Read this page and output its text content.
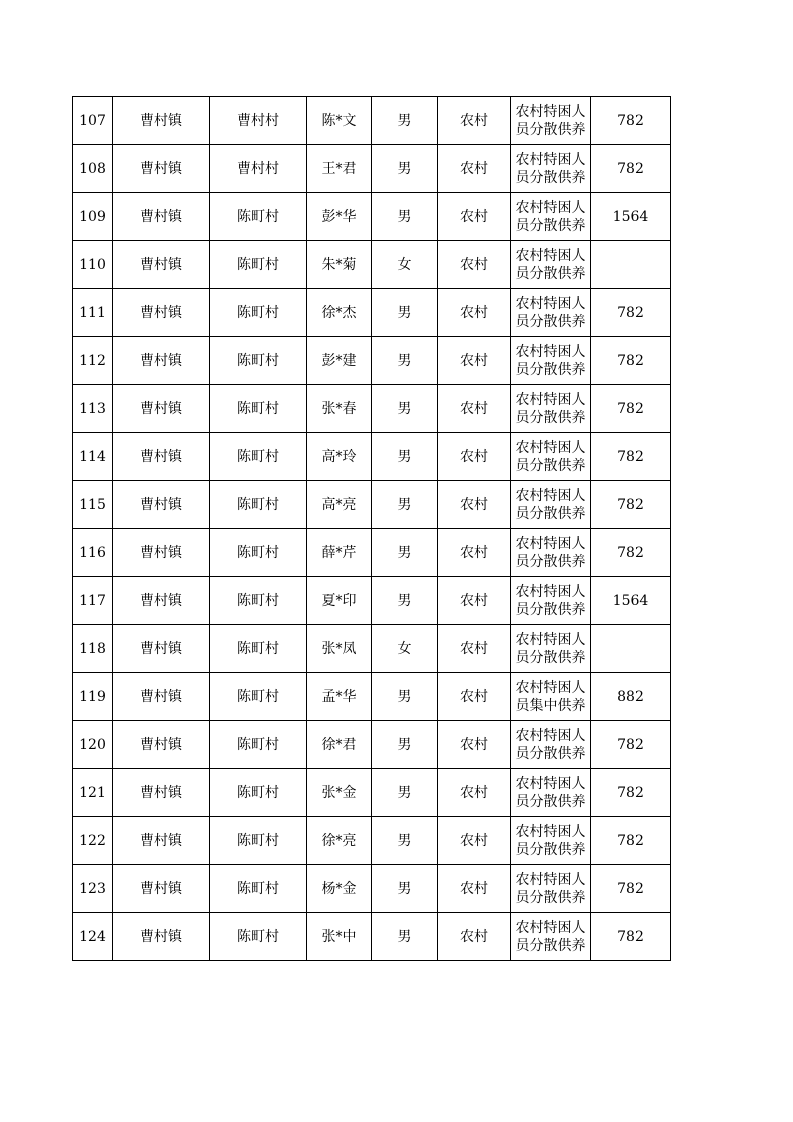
107	曹村镇	曹村村	陈*文	男	农村	农村特困人员分散供养	782
108	曹村镇	曹村村	王*君	男	农村	农村特困人员分散供养	782
109	曹村镇	陈町村	彭*华	男	农村	农村特困人员分散供养	1564
110	曹村镇	陈町村	朱*菊	女	农村	农村特困人员分散供养	
111	曹村镇	陈町村	徐*杰	男	农村	农村特困人员分散供养	782
112	曹村镇	陈町村	彭*建	男	农村	农村特困人员分散供养	782
113	曹村镇	陈町村	张*春	男	农村	农村特困人员分散供养	782
114	曹村镇	陈町村	高*玲	男	农村	农村特困人员分散供养	782
115	曹村镇	陈町村	高*亮	男	农村	农村特困人员分散供养	782
116	曹村镇	陈町村	薛*芹	男	农村	农村特困人员分散供养	782
117	曹村镇	陈町村	夏*印	男	农村	农村特困人员分散供养	1564
118	曹村镇	陈町村	张*凤	女	农村	农村特困人员分散供养	
119	曹村镇	陈町村	孟*华	男	农村	农村特困人员集中供养	882
120	曹村镇	陈町村	徐*君	男	农村	农村特困人员分散供养	782
121	曹村镇	陈町村	张*金	男	农村	农村特困人员分散供养	782
122	曹村镇	陈町村	徐*亮	男	农村	农村特困人员分散供养	782
123	曹村镇	陈町村	杨*金	男	农村	农村特困人员分散供养	782
124	曹村镇	陈町村	张*中	男	农村	农村特困人员分散供养	782
